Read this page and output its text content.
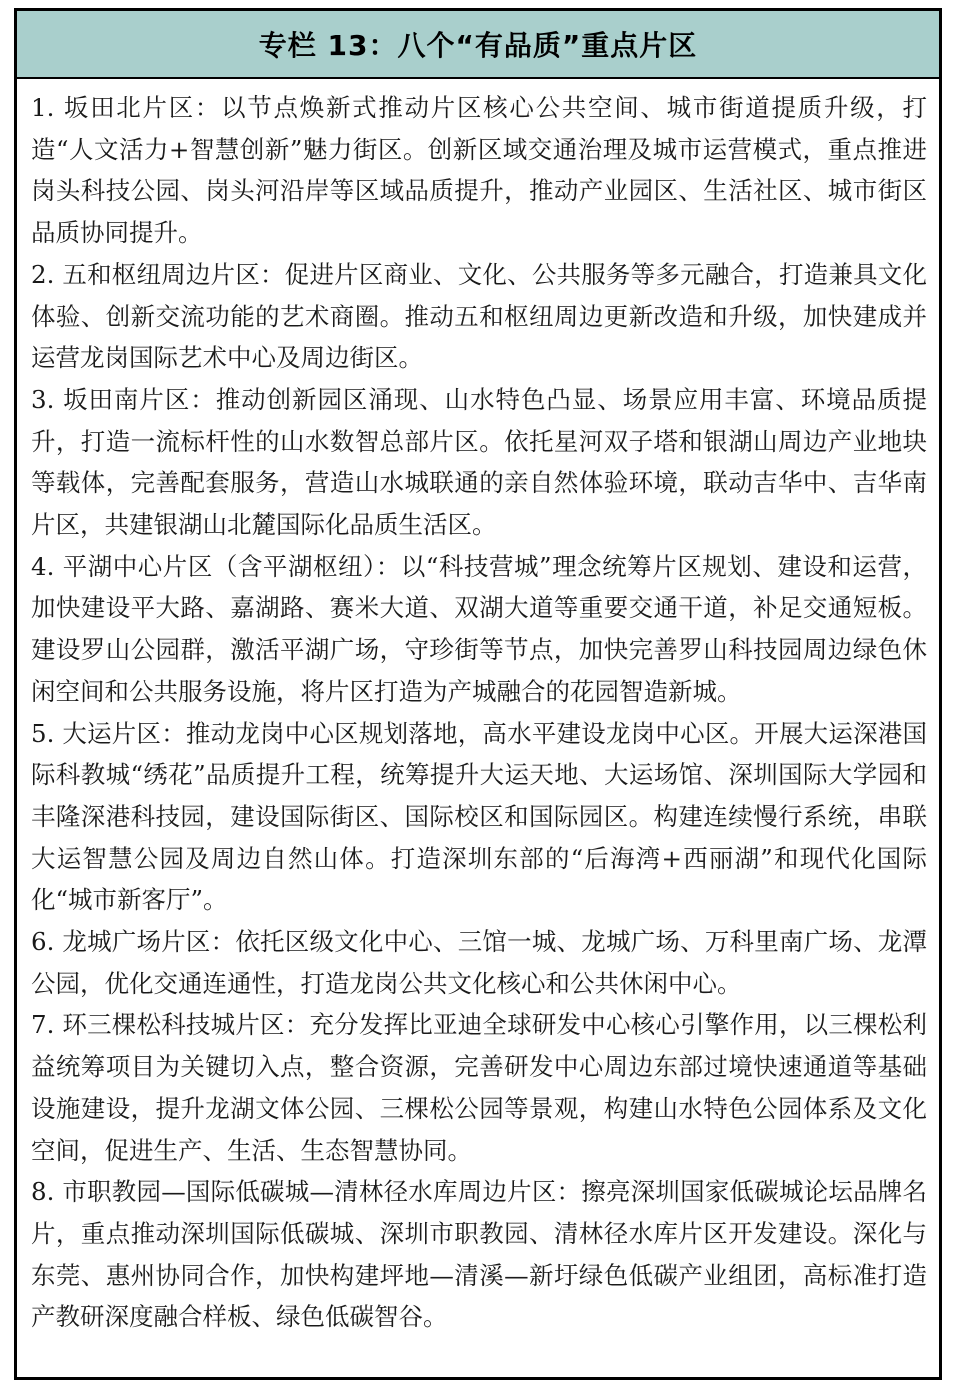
专栏 13：八个“有品质”重点片区

1. 坂田北片区：以节点焕新式推动片区核心公共空间、城市街道提质升级，打造“人文活力+智慧创新”魅力街区。创新区域交通治理及城市运营模式，重点推进岗头科技公园、岗头河沿岸等区域品质提升，推动产业园区、生活社区、城市街区品质协同提升。

2. 五和枢纽周边片区：促进片区商业、文化、公共服务等多元融合，打造兼具文化体验、创新交流功能的艺术商圈。推动五和枢纽周边更新改造和升级，加快建成并运营龙岗国际艺术中心及周边街区。

3. 坂田南片区：推动创新园区涌现、山水特色凸显、场景应用丰富、环境品质提升，打造一流标杆性的山水数智总部片区。依托星河双子塔和银湖山周边产业地块等载体，完善配套服务，营造山水城联通的亲自然体验环境，联动吉华中、吉华南片区，共建银湖山北麓国际化品质生活区。

4. 平湖中心片区（含平湖枢纽）：以“科技营城”理念统筹片区规划、建设和运营，加快建设平大路、嘉湖路、赛米大道、双湖大道等重要交通干道，补足交通短板。建设罗山公园群，激活平湖广场，守珍街等节点，加快完善罗山科技园周边绿色休闲空间和公共服务设施，将片区打造为产城融合的花园智造新城。

5. 大运片区：推动龙岗中心区规划落地，高水平建设龙岗中心区。开展大运深港国际科教城“绣花”品质提升工程，统筹提升大运天地、大运场馆、深圳国际大学园和丰隆深港科技园，建设国际街区、国际校区和国际园区。构建连续慢行系统，串联大运智慧公园及周边自然山体。打造深圳东部的“后海湾+西丽湖”和现代化国际化“城市新客厅”。

6. 龙城广场片区：依托区级文化中心、三馆一城、龙城广场、万科里南广场、龙潭公园，优化交通连通性，打造龙岗公共文化核心和公共休闲中心。

7. 环三棵松科技城片区：充分发挥比亚迪全球研发中心核心引擎作用，以三棵松利益统筹项目为关键切入点，整合资源，完善研发中心周边东部过境快速通道等基础设施建设，提升龙湖文体公园、三棵松公园等景观，构建山水特色公园体系及文化空间，促进生产、生活、生态智慧协同。

8. 市职教园—国际低碳城—清林径水库周边片区：擦亮深圳国家低碳城论坛品牌名片，重点推动深圳国际低碳城、深圳市职教园、清林径水库片区开发建设。深化与东莞、惠州协同合作，加快构建坪地—清溪—新圩绿色低碳产业组团，高标准打造产教研深度融合样板、绿色低碳智谷。
